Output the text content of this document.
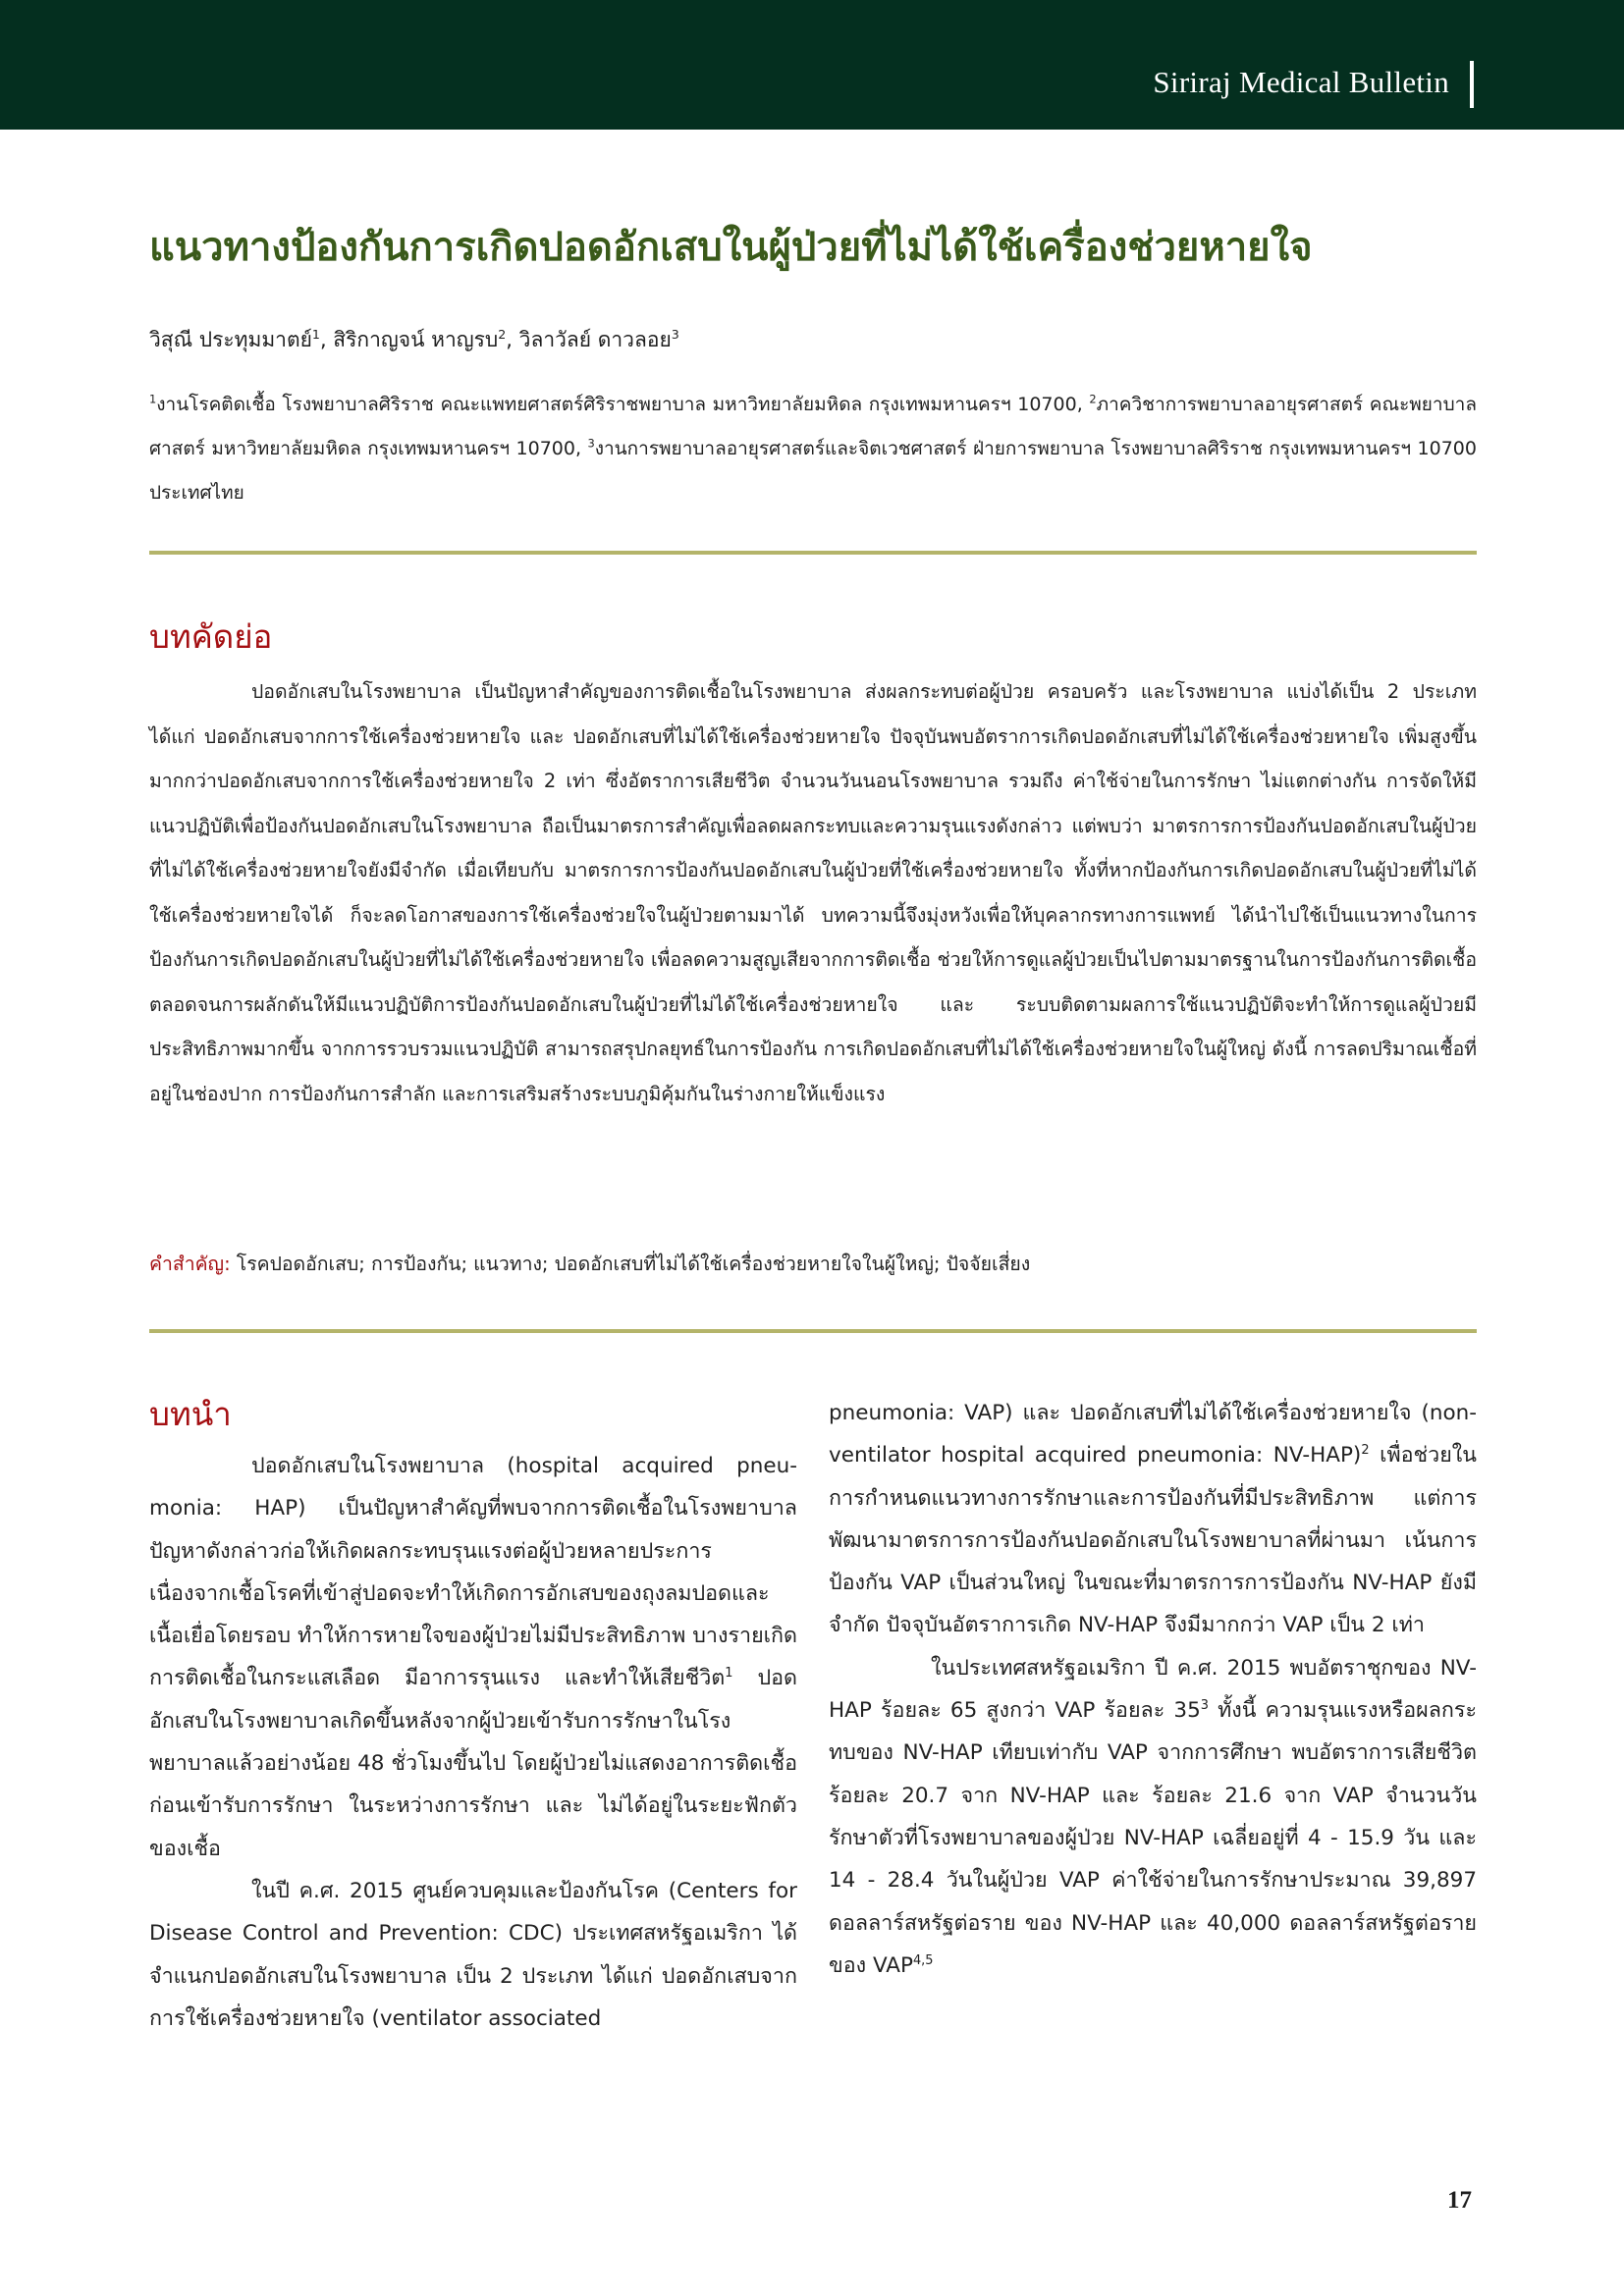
Siriraj Medical Bulletin
แนวทางป้องกันการเกิดปอดอักเสบในผู้ป่วยที่ไม่ได้ใช้เครื่องช่วยหายใจ
วิสุณี ประทุมมาตย์$^1$, สิริกาญจน์ หาญรบ$^2$, วิลาวัลย์ ดาวลอย$^3$
$^1$งานโรคติดเชื้อ โรงพยาบาลศิริราช คณะแพทยศาสตร์ศิริราชพยาบาล มหาวิทยาลัยมหิดล กรุงเทพมหานครฯ 10700, $^2$ภาควิชาการพยาบาลอายุรศาสตร์ คณะพยาบาลศาสตร์ มหาวิทยาลัยมหิดล กรุงเทพมหานครฯ 10700, $^3$งานการพยาบาลอายุรศาสตร์และจิตเวชศาสตร์ ฝ่ายการพยาบาล โรงพยาบาลศิริราช กรุงเทพมหานครฯ 10700 ประเทศไทย
บทคัดย่อ
ปอดอักเสบในโรงพยาบาล เป็นปัญหาสำคัญของการติดเชื้อในโรงพยาบาล ส่งผลกระทบต่อผู้ป่วย ครอบครัว และโรงพยาบาล แบ่งได้เป็น 2 ประเภท ได้แก่ ปอดอักเสบจากการใช้เครื่องช่วยหายใจ และ ปอดอักเสบที่ไม่ได้ใช้เครื่องช่วยหายใจ ปัจจุบันพบอัตราการเกิดปอดอักเสบที่ไม่ได้ใช้เครื่องช่วยหายใจ เพิ่มสูงขึ้นมากกว่าปอดอักเสบจากการใช้เครื่องช่วยหายใจ 2 เท่า ซึ่งอัตราการเสียชีวิต จำนวนวันนอนโรงพยาบาล รวมถึง ค่าใช้จ่ายในการรักษา ไม่แตกต่างกัน การจัดให้มีแนวปฏิบัติเพื่อป้องกันปอดอักเสบในโรงพยาบาล ถือเป็นมาตรการสำคัญเพื่อลดผลกระทบและความรุนแรงดังกล่าว แต่พบว่า มาตรการการป้องกันปอดอักเสบในผู้ป่วยที่ไม่ได้ใช้เครื่องช่วยหายใจยังมีจำกัด เมื่อเทียบกับ มาตรการการป้องกันปอดอักเสบในผู้ป่วยที่ใช้เครื่องช่วยหายใจ ทั้งที่หากป้องกันการเกิดปอดอักเสบในผู้ป่วยที่ไม่ได้ใช้เครื่องช่วยหายใจได้ ก็จะลดโอกาสของการใช้เครื่องช่วยใจในผู้ป่วยตามมาได้ บทความนี้จึงมุ่งหวังเพื่อให้บุคลากรทางการแพทย์ ได้นำไปใช้เป็นแนวทางในการป้องกันการเกิดปอดอักเสบในผู้ป่วยที่ไม่ได้ใช้เครื่องช่วยหายใจ เพื่อลดความสูญเสียจากการติดเชื้อ ช่วยให้การดูแลผู้ป่วยเป็นไปตามมาตรฐานในการป้องกันการติดเชื้อ ตลอดจนการผลักดันให้มีแนวปฏิบัติการป้องกันปอดอักเสบในผู้ป่วยที่ไม่ได้ใช้เครื่องช่วยหายใจ และ ระบบติดตามผลการใช้แนวปฏิบัติจะทำให้การดูแลผู้ป่วยมีประสิทธิภาพมากขึ้น จากการรวบรวมแนวปฏิบัติ สามารถสรุปกลยุทธ์ในการป้องกัน การเกิดปอดอักเสบที่ไม่ได้ใช้เครื่องช่วยหายใจในผู้ใหญ่ ดังนี้ การลดปริมาณเชื้อที่อยู่ในช่องปาก การป้องกันการสำลัก และการเสริมสร้างระบบภูมิคุ้มกันในร่างกายให้แข็งแรง
คำสำคัญ: โรคปอดอักเสบ; การป้องกัน; แนวทาง; ปอดอักเสบที่ไม่ได้ใช้เครื่องช่วยหายใจในผู้ใหญ่; ปัจจัยเสี่ยง
บทนำ

ปอดอักเสบในโรงพยาบาล (hospital acquired pneu-monia: HAP) เป็นปัญหาสำคัญที่พบจากการติดเชื้อในโรงพยาบาล ปัญหาดังกล่าวก่อให้เกิดผลกระทบรุนแรงต่อผู้ป่วยหลายประการ เนื่องจากเชื้อโรคที่เข้าสู่ปอดจะทำให้เกิดการอักเสบของถุงลมปอดและเนื้อเยื่อโดยรอบ ทำให้การหายใจของผู้ป่วยไม่มีประสิทธิภาพ บางรายเกิดการติดเชื้อในกระแสเลือด มีอาการรุนแรง และทำให้เสียชีวิต$^1$ ปอดอักเสบในโรงพยาบาลเกิดขึ้นหลังจากผู้ป่วยเข้ารับการรักษาในโรงพยาบาลแล้วอย่างน้อย 48 ชั่วโมงขึ้นไป โดยผู้ป่วยไม่แสดงอาการติดเชื้อก่อนเข้ารับการรักษา ในระหว่างการรักษา และ ไม่ได้อยู่ในระยะฟักตัวของเชื้อ

ในปี ค.ศ. 2015 ศูนย์ควบคุมและป้องกันโรค (Centers for Disease Control and Prevention: CDC) ประเทศสหรัฐอเมริกา ได้จำแนกปอดอักเสบในโรงพยาบาล เป็น 2 ประเภท ได้แก่ ปอดอักเสบจากการใช้เครื่องช่วยหายใจ (ventilator associated

pneumonia: VAP) และ ปอดอักเสบที่ไม่ได้ใช้เครื่องช่วยหายใจ (non-ventilator hospital acquired pneumonia: NV-HAP)$^2$ เพื่อช่วยในการกำหนดแนวทางการรักษาและการป้องกันที่มีประสิทธิภาพ แต่การพัฒนามาตรการการป้องกันปอดอักเสบในโรงพยาบาลที่ผ่านมา เน้นการป้องกัน VAP เป็นส่วนใหญ่ ในขณะที่มาตรการการป้องกัน NV-HAP ยังมีจำกัด ปัจจุบันอัตราการเกิด NV-HAP จึงมีมากกว่า VAP เป็น 2 เท่า

ในประเทศสหรัฐอเมริกา ปี ค.ศ. 2015 พบอัตราชุกของ NV-HAP ร้อยละ 65 สูงกว่า VAP ร้อยละ $35^3$ ทั้งนี้ ความรุนแรงหรือผลกระทบของ NV-HAP เทียบเท่ากับ VAP จากการศึกษา พบอัตราการเสียชีวิตร้อยละ 20.7 จาก NV-HAP และ ร้อยละ 21.6 จาก VAP จำนวนวันรักษาตัวที่โรงพยาบาลของผู้ป่วย NV-HAP เฉลี่ยอยู่ที่ 4 - 15.9 วัน และ 14 - 28.4 วันในผู้ป่วย VAP ค่าใช้จ่ายในการรักษาประมาณ 39,897 ดอลลาร์สหรัฐต่อราย ของ NV-HAP และ 40,000 ดอลลาร์สหรัฐต่อรายของ VAP$^{4,5}$

17
